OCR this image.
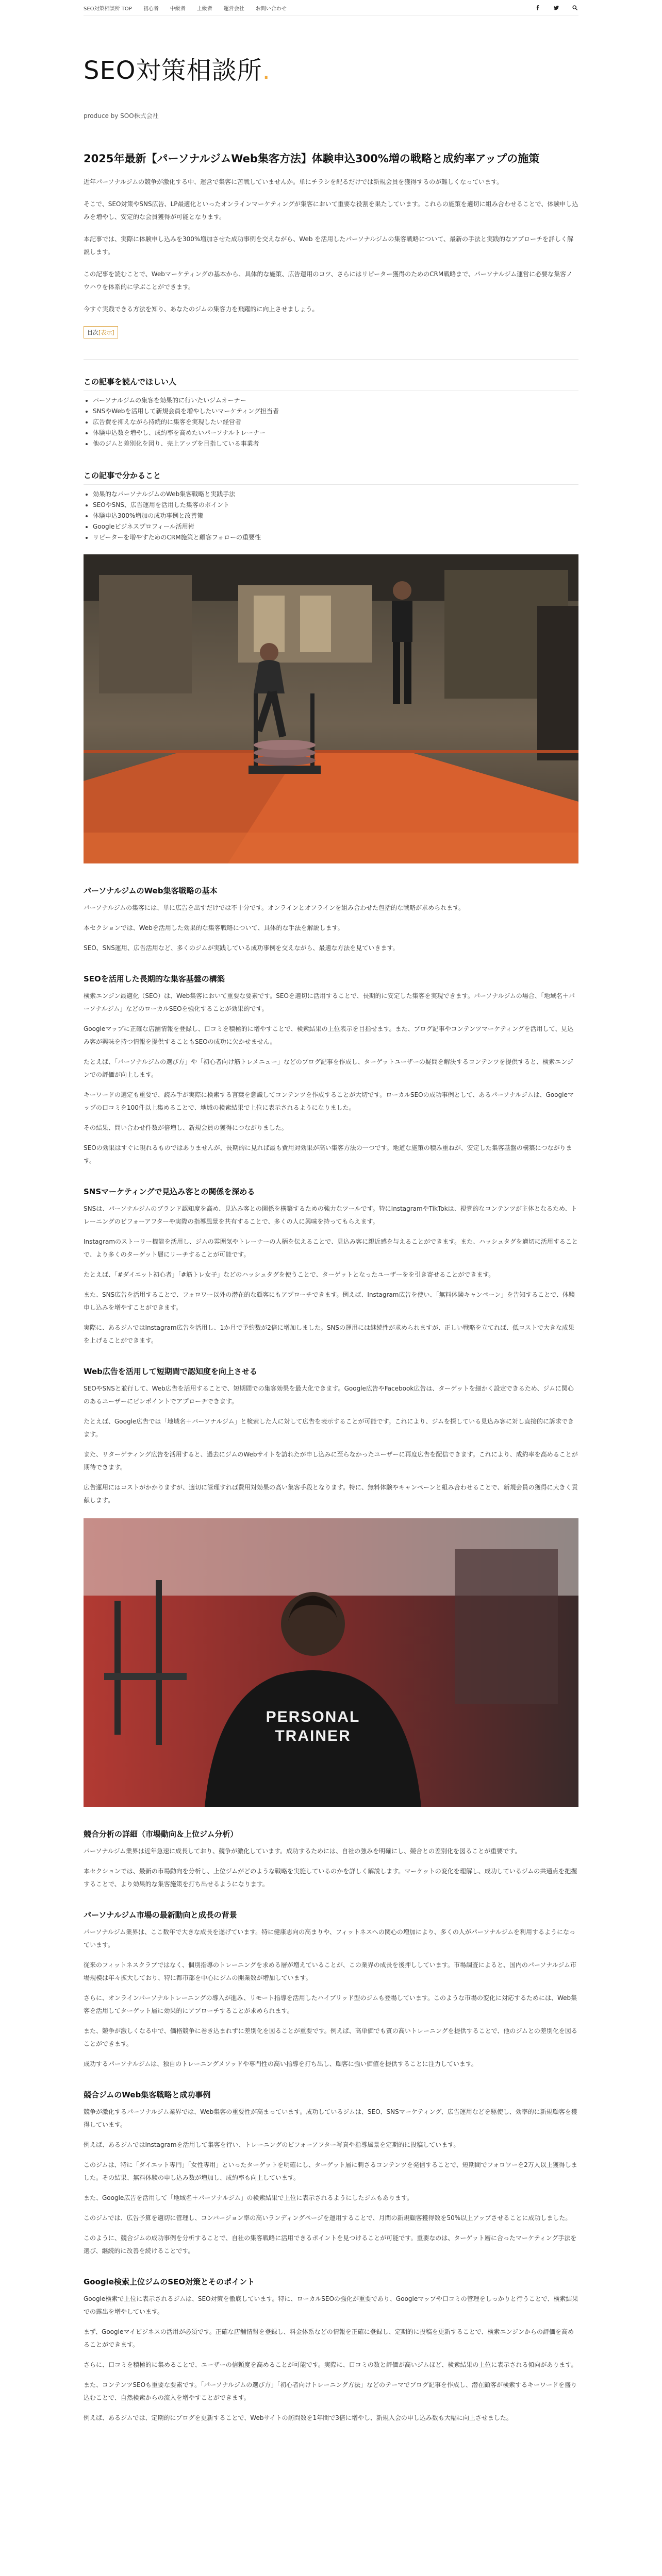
SEO対策相談所 TOP 初心者 中級者 上級者 運営会社 お問い合わせ
SEO対策相談所.
produce by SOO株式会社
2025年最新【パーソナルジムWeb集客方法】体験申込300%増の戦略と成約率アップの施策

近年パーソナルジムの競争が激化する中、運営で集客に苦戦していませんか。単にチラシを配るだけでは新規会員を獲得するのが難しくなっています。

そこで、SEO対策やSNS広告、LP最適化といったオンラインマーケティングが集客において重要な役割を果たしています。これらの施策を適切に組み合わせることで、体験申し込みを増やし、安定的な会員獲得が可能となります。

本記事では、実際に体験申し込みを300%増加させた成功事例を交えながら、Web を活用したパーソナルジムの集客戦略について、最新の手法と実践的なアプローチを詳しく解説します。

この記事を読むことで、Webマーケティングの基本から、具体的な施策、広告運用のコツ、さらにはリピーター獲得のためのCRM戦略まで、パーソナルジム運営に必要な集客ノウハウを体系的に学ぶことができます。

今すぐ実践できる方法を知り、あなたのジムの集客力を飛躍的に向上させましょう。

目次 [表示]
この記事を読んでほしい人
• パーソナルジムの集客を効果的に行いたいジムオーナー
• SNSやWebを活用して新規会員を増やしたいマーケティング担当者
• 広告費を抑えながら持続的に集客を実現したい経営者
• 体験申込数を増やし、成約率を高めたいパーソナルトレーナー
• 他のジムと差別化を図り、売上アップを目指している事業者
この記事で分かること
• 効果的なパーソナルジムのWeb集客戦略と実践手法
• SEOやSNS、広告運用を活用した集客のポイント
• 体験申込300%増加の成功事例と改善策
• Googleビジネスプロフィール活用術
• リピーターを増やすためのCRM施策と顧客フォローの重要性
パーソナルジムのWeb集客戦略の基本

パーソナルジムの集客には、単に広告を出すだけでは不十分です。オンラインとオフラインを組み合わせた包括的な戦略が求められます。

本セクションでは、Webを活用した効果的な集客戦略について、具体的な手法を解説します。

SEO、SNS運用、広告活用など、多くのジムが実践している成功事例を交えながら、最適な方法を見ていきます。

SEOを活用した長期的な集客基盤の構築

検索エンジン最適化（SEO）は、Web集客において重要な要素です。SEOを適切に活用することで、長期的に安定した集客を実現できます。パーソナルジムの場合、「地域名＋パーソナルジム」などのローカルSEOを強化することが効果的です。

Googleマップに正確な店舗情報を登録し、口コミを積極的に増やすことで、検索結果の上位表示を目指せます。また、ブログ記事やコンテンツマーケティングを活用して、見込み客が興味を持つ情報を提供することもSEOの成功に欠かせません。

たとえば、「パーソナルジムの選び方」や「初心者向け筋トレメニュー」などのブログ記事を作成し、ターゲットユーザーの疑問を解決するコンテンツを提供すると、検索エンジンでの評価が向上します。

キーワードの選定も重要で、読み手が実際に検索する言葉を意識してコンテンツを作成することが大切です。ローカルSEOの成功事例として、あるパーソナルジムは、Googleマップの口コミを100件以上集めることで、地域の検索結果で上位に表示されるようになりました。

その結果、問い合わせ件数が倍増し、新規会員の獲得につながりました。

SEOの効果はすぐに現れるものではありませんが、長期的に見れば最も費用対効果が高い集客方法の一つです。地道な施策の積み重ねが、安定した集客基盤の構築につながります。

SNSマーケティングで見込み客との関係を深める

SNSは、パーソナルジムのブランド認知度を高め、見込み客との関係を構築するための強力なツールです。特にInstagramやTikTokは、視覚的なコンテンツが主体となるため、トレーニングのビフォーアフターや実際の指導風景を共有することで、多くの人に興味を持ってもらえます。

Instagramのストーリー機能を活用し、ジムの雰囲気やトレーナーの人柄を伝えることで、見込み客に親近感を与えることができます。また、ハッシュタグを適切に活用することで、より多くのターゲット層にリーチすることが可能です。

たとえば、「#ダイエット初心者」「#筋トレ女子」などのハッシュタグを使うことで、ターゲットとなったユーザーをを引き寄せることができます。

また、SNS広告を活用することで、フォロワー以外の潜在的な顧客にもアプローチできます。例えば、Instagram広告を使い、「無料体験キャンペーン」を告知することで、体験申し込みを増やすことができます。

実際に、あるジムではInstagram広告を活用し、1か月で予約数が2倍に増加しました。SNSの運用には継続性が求められますが、正しい戦略を立てれば、低コストで大きな成果を上げることができます。

Web広告を活用して短期間で認知度を向上させる

SEOやSNSと並行して、Web広告を活用することで、短期間での集客効果を最大化できます。Google広告やFacebook広告は、ターゲットを細かく設定できるため、ジムに関心のあるユーザーにピンポイントでアプローチできます。

たとえば、Google広告では「地域名＋パーソナルジム」と検索した人に対して広告を表示することが可能です。これにより、ジムを探している見込み客に対し直接的に訴求できます。

また、リターゲティング広告を活用すると、過去にジムのWebサイトを訪れたが申し込みに至らなかったユーザーに再度広告を配信できます。これにより、成約率を高めることが期待できます。

広告運用にはコストがかかりますが、適切に管理すれば費用対効果の高い集客手段となります。特に、無料体験やキャンペーンと組み合わせることで、新規会員の獲得に大きく貢献します。

PERSONAL
TRAINER
競合分析の詳細（市場動向＆上位ジム分析）

パーソナルジム業界は近年急速に成長しており、競争が激化しています。成功するためには、自社の強みを明確にし、競合との差別化を図ることが重要です。

本セクションでは、最新の市場動向を分析し、上位ジムがどのような戦略を実施しているのかを詳しく解説します。マーケットの変化を理解し、成功しているジムの共通点を把握することで、より効果的な集客施策を打ち出せるようになります。

パーソナルジム市場の最新動向と成長の背景

パーソナルジム業界は、ここ数年で大きな成長を遂げています。特に健康志向の高まりや、フィットネスへの関心の増加により、多くの人がパーソナルジムを利用するようになっています。

従来のフィットネスクラブではなく、個別指導のトレーニングを求める層が増えていることが、この業界の成長を後押ししています。市場調査によると、国内のパーソナルジム市場規模は年々拡大しており、特に都市部を中心にジムの開業数が増加しています。

さらに、オンラインパーソナルトレーニングの導入が進み、リモート指導を活用したハイブリッド型のジムも登場しています。このような市場の変化に対応するためには、Web集客を活用してターゲット層に効果的にアプローチすることが求められます。

また、競争が激しくなる中で、価格競争に巻き込まれずに差別化を図ることが重要です。例えば、高単価でも質の高いトレーニングを提供することで、他のジムとの差別化を図ることができます。

成功するパーソナルジムは、独自のトレーニングメソッドや専門性の高い指導を打ち出し、顧客に強い価値を提供することに注力しています。

競合ジムのWeb集客戦略と成功事例

競争が激化するパーソナルジム業界では、Web集客の重要性が高まっています。成功しているジムは、SEO、SNSマーケティング、広告運用などを駆使し、効率的に新規顧客を獲得しています。

例えば、あるジムではInstagramを活用して集客を行い、トレーニングのビフォーアフター写真や指導風景を定期的に投稿しています。

このジムは、特に「ダイエット専門」「女性専用」といったターゲットを明確にし、ターゲット層に刺さるコンテンツを発信することで、短期間でフォロワーを2万人以上獲得しました。その結果、無料体験の申し込み数が増加し、成約率も向上しています。

また、Google広告を活用して「地域名＋パーソナルジム」の検索結果で上位に表示されるようにしたジムもあります。

このジムでは、広告予算を適切に管理し、コンバージョン率の高いランディングページを運用することで、月間の新規顧客獲得数を50%以上アップさせることに成功しました。

このように、競合ジムの成功事例を分析することで、自社の集客戦略に活用できるポイントを見つけることが可能です。重要なのは、ターゲット層に合ったマーケティング手法を選び、継続的に改善を続けることです。

Google検索上位ジムのSEO対策とそのポイント

Google検索で上位に表示されるジムは、SEO対策を徹底しています。特に、ローカルSEOの強化が重要であり、Googleマップや口コミの管理をしっかりと行うことで、検索結果での露出を増やしています。

まず、Googleマイビジネスの活用が必須です。正確な店舗情報を登録し、料金体系などの情報を正確に登録し、定期的に投稿を更新することで、検索エンジンからの評価を高めることができます。

さらに、口コミを積極的に集めることで、ユーザーの信頼度を高めることが可能です。実際に、口コミの数と評価が高いジムほど、検索結果の上位に表示される傾向があります。

また、コンテンツSEOも重要な要素です。「パーソナルジムの選び方」「初心者向けトレーニング方法」などのテーマでブログ記事を作成し、潜在顧客が検索するキーワードを盛り込むことで、自然検索からの流入を増やすことができます。

例えば、あるジムでは、定期的にブログを更新することで、Webサイトの訪問数を1年間で3倍に増やし、新規入会の申し込み数も大幅に向上させました。
